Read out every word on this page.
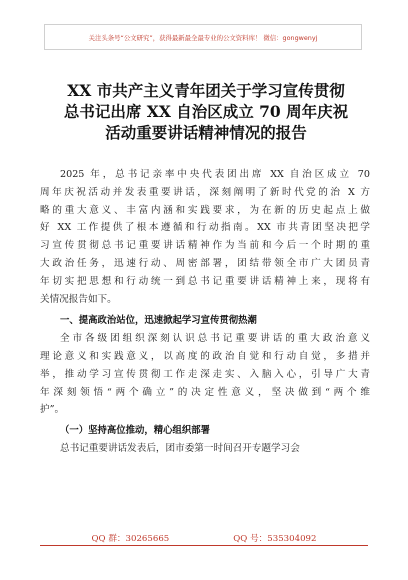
关注头条号“公文研究”，获得最新最全最专业的公文资料库！ 微信：gongwenyj
XX 市共产主义青年团关于学习宣传贯彻
总书记出席 XX 自治区成立 70 周年庆祝
活动重要讲话精神情况的报告
2025 年，总书记亲率中央代表团出席 XX 自治区成立 70
周年庆祝活动并发表重要讲话，深刻阐明了新时代党的治 X 方
略的重大意义、丰富内涵和实践要求，为在新的历史起点上做
好 XX 工作提供了根本遵循和行动指南。XX 市共青团坚决把学
习宣传贯彻总书记重要讲话精神作为当前和今后一个时期的重
大政治任务，迅速行动、周密部署，团结带领全市广大团员青
年切实把思想和行动统一到总书记重要讲话精神上来，现将有
关情况报告如下。
一、提高政治站位，迅速掀起学习宣传贯彻热潮
全市各级团组织深刻认识总书记重要讲话的重大政治意义
理论意义和实践意义，以高度的政治自觉和行动自觉，多措并
举，推动学习宣传贯彻工作走深走实、入脑入心，引导广大青
年深刻领悟“两个确立”的决定性意义，坚决做到“两个维
护”。
（一）坚持高位推动，精心组织部署
总书记重要讲话发表后，团市委第一时间召开专题学习会
QQ 群：30265665	QQ 号：535304092
